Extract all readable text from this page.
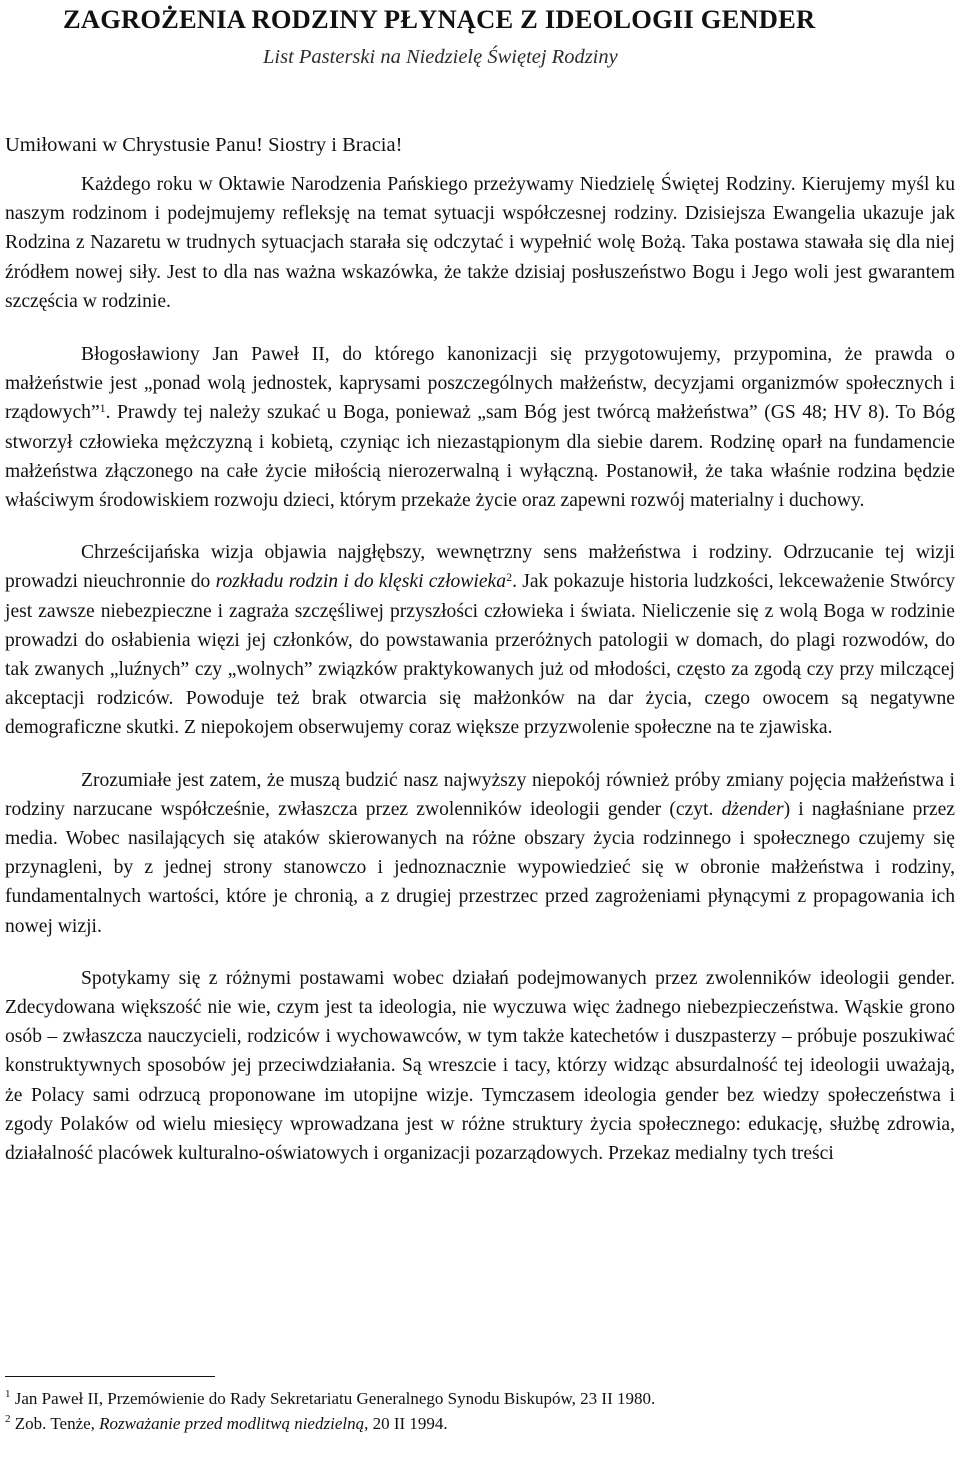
ZAGROŻENIA RODZINY PŁYNĄCE Z IDEOLOGII GENDER
List Pasterski na Niedzielę Świętej Rodziny
Umiłowani w Chrystusie Panu! Siostry i Bracia!

Każdego roku w Oktawie Narodzenia Pańskiego przeżywamy Niedzielę Świętej Rodziny. Kierujemy myśl ku naszym rodzinom i podejmujemy refleksję na temat sytuacji współczesnej rodziny. Dzisiejsza Ewangelia ukazuje jak Rodzina z Nazaretu w trudnych sytuacjach starała się odczytać i wypełnić wolę Bożą. Taka postawa stawała się dla niej źródłem nowej siły. Jest to dla nas ważna wskazówka, że także dzisiaj posłuszeństwo Bogu i Jego woli jest gwarantem szczęścia w rodzinie.

Błogosławiony Jan Paweł II, do którego kanonizacji się przygotowujemy, przypomina, że prawda o małżeństwie jest „ponad wolą jednostek, kaprysami poszczególnych małżeństw, decyzjami organizmów społecznych i rządowych”$^1$. Prawdy tej należy szukać u Boga, ponieważ „sam Bóg jest twórcą małżeństwa” (GS 48; HV 8). To Bóg stworzył człowieka mężczyzną i kobietą, czyniąc ich niezastąpionym dla siebie darem. Rodzinę oparł na fundamencie małżeństwa złączonego na całe życie miłością nierozerwalną i wyłączną. Postanowił, że taka właśnie rodzina będzie właściwym środowiskiem rozwoju dzieci, którym przekaże życie oraz zapewni rozwój materialny i duchowy.

Chrześcijańska wizja objawia najgłębszy, wewnętrzny sens małżeństwa i rodziny. Odrzucanie tej wizji prowadzi nieuchronnie do rozkładu rodzin i do klęski człowieka$^2$. Jak pokazuje historia ludzkości, lekceważenie Stwórcy jest zawsze niebezpieczne i zagraża szczęśliwej przyszłości człowieka i świata. Nieliczenie się z wolą Boga w rodzinie prowadzi do osłabienia więzi jej członków, do powstawania przeróżnych patologii w domach, do plagi rozwodów, do tak zwanych „luźnych” czy „wolnych” związków praktykowanych już od młodości, często za zgodą czy przy milczącej akceptacji rodziców. Powoduje też brak otwarcia się małżonków na dar życia, czego owocem są negatywne demograficzne skutki. Z niepokojem obserwujemy coraz większe przyzwolenie społeczne na te zjawiska.

Zrozumiałe jest zatem, że muszą budzić nasz najwyższy niepokój również próby zmiany pojęcia małżeństwa i rodziny narzucane współcześnie, zwłaszcza przez zwolenników ideologii gender (czyt. dżender) i nagłaśniane przez media. Wobec nasilających się ataków skierowanych na różne obszary życia rodzinnego i społecznego czujemy się przynagleni, by z jednej strony stanowczo i jednoznacznie wypowiedzieć się w obronie małżeństwa i rodziny, fundamentalnych wartości, które je chronią, a z drugiej przestrzec przed zagrożeniami płynącymi z propagowania ich nowej wizji.

Spotykamy się z różnymi postawami wobec działań podejmowanych przez zwolenników ideologii gender. Zdecydowana większość nie wie, czym jest ta ideologia, nie wyczuwa więc żadnego niebezpieczeństwa. Wąskie grono osób – zwłaszcza nauczycieli, rodziców i wychowawców, w tym także katechetów i duszpasterzy – próbuje poszukiwać konstruktywnych sposobów jej przeciwdziałania. Są wreszcie i tacy, którzy widząc absurdalność tej ideologii uważają, że Polacy sami odrzucą proponowane im utopijne wizje. Tymczasem ideologia gender bez wiedzy społeczeństwa i zgody Polaków od wielu miesięcy wprowadzana jest w różne struktury życia społecznego: edukację, służbę zdrowia, działalność placówek kulturalno-oświatowych i organizacji pozarządowych. Przekaz medialny tych treści

$^1$ Jan Paweł II, Przemówienie do Rady Sekretariatu Generalnego Synodu Biskupów, 23 II 1980.
$^2$ Zob. Tenże, Rozważanie przed modlitwą niedzielną, 20 II 1994.
